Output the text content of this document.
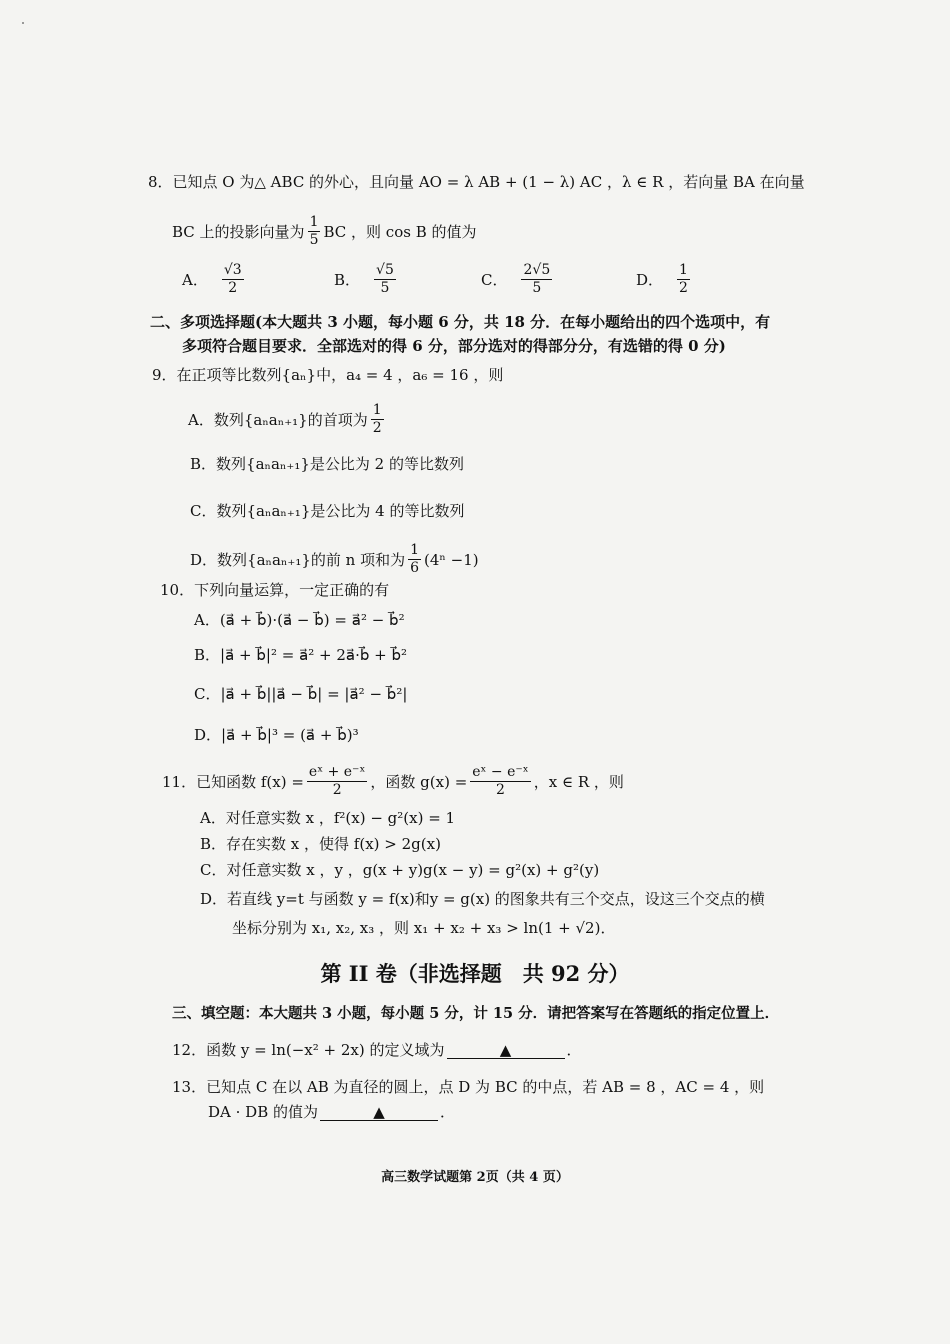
8．已知点 O 为△ ABC 的外心，且向量 AO = λ AB + (1 − λ) AC ，λ ∈ R ，若向量 BA 在向量
BC 上的投影向量为 $\frac{1}{5}$ BC ，则 cos B 的值为
A． $\frac{√3}{2}$	B． $\frac{√5}{5}$	C． $\frac{2√5}{5}$	D． $\frac{1}{2}$
二、多项选择题(本大题共 3 小题，每小题 6 分，共 18 分．在每小题给出的四个选项中，有
多项符合题目要求．全部选对的得 6 分，部分选对的得部分分，有选错的得 0 分)
9．在正项等比数列{aₙ}中，a₄ = 4 ，a₆ = 16 ，则
A．数列{aₙaₙ₊₁}的首项为 $\frac{1}{2}$
B．数列{aₙaₙ₊₁}是公比为 2 的等比数列
C．数列{aₙaₙ₊₁}是公比为 4 的等比数列
D．数列{aₙaₙ₊₁}的前 n 项和为 $\frac{1}{6} (4^n -1)$
10．下列向量运算，一定正确的有
A．(a⃗ + b⃗)·(a⃗ − b⃗) = a⃗² − b⃗²
B．|a⃗ + b⃗|² = a⃗² + 2a⃗·b⃗ + b⃗²
C．|a⃗ + b⃗||a⃗ − b⃗| = |a⃗² − b⃗²|
D．|a⃗ + b⃗|³ = (a⃗ + b⃗)³
11．已知函数 $f(x) = \frac{\text{eˣ + e⁻ˣ}}{2}$ ，函数 $g(x) = \frac{\text{eˣ − e⁻ˣ}}{2}$ ，x ∈ R ，则
A．对任意实数 x ，f²(x) − g²(x) = 1
B．存在实数 x ，使得 f(x) > 2g(x)
C．对任意实数 x ，y ，g(x + y)g(x − y) = g²(x) + g²(y)
D．若直线 y=t 与函数 y = f(x)和y = g(x) 的图象共有三个交点，设这三个交点的横
坐标分别为 x₁, x₂, x₃ ，则 x₁ + x₂ + x₃ > ln(1 + √2)．
第 II 卷（非选择题　共 92 分）
三、填空题：本大题共 3 小题，每小题 5 分，计 15 分．请把答案写在答题纸的指定位置上．
12．函数 y = ln(−x² + 2x) 的定义域为	▲	．
13．已知点 C 在以 AB 为直径的圆上，点 D 为 BC 的中点，若 AB = 8 ，AC = 4 ，则
DA · DB 的值为	▲	．
高三数学试题第 2页（共 4 页）
